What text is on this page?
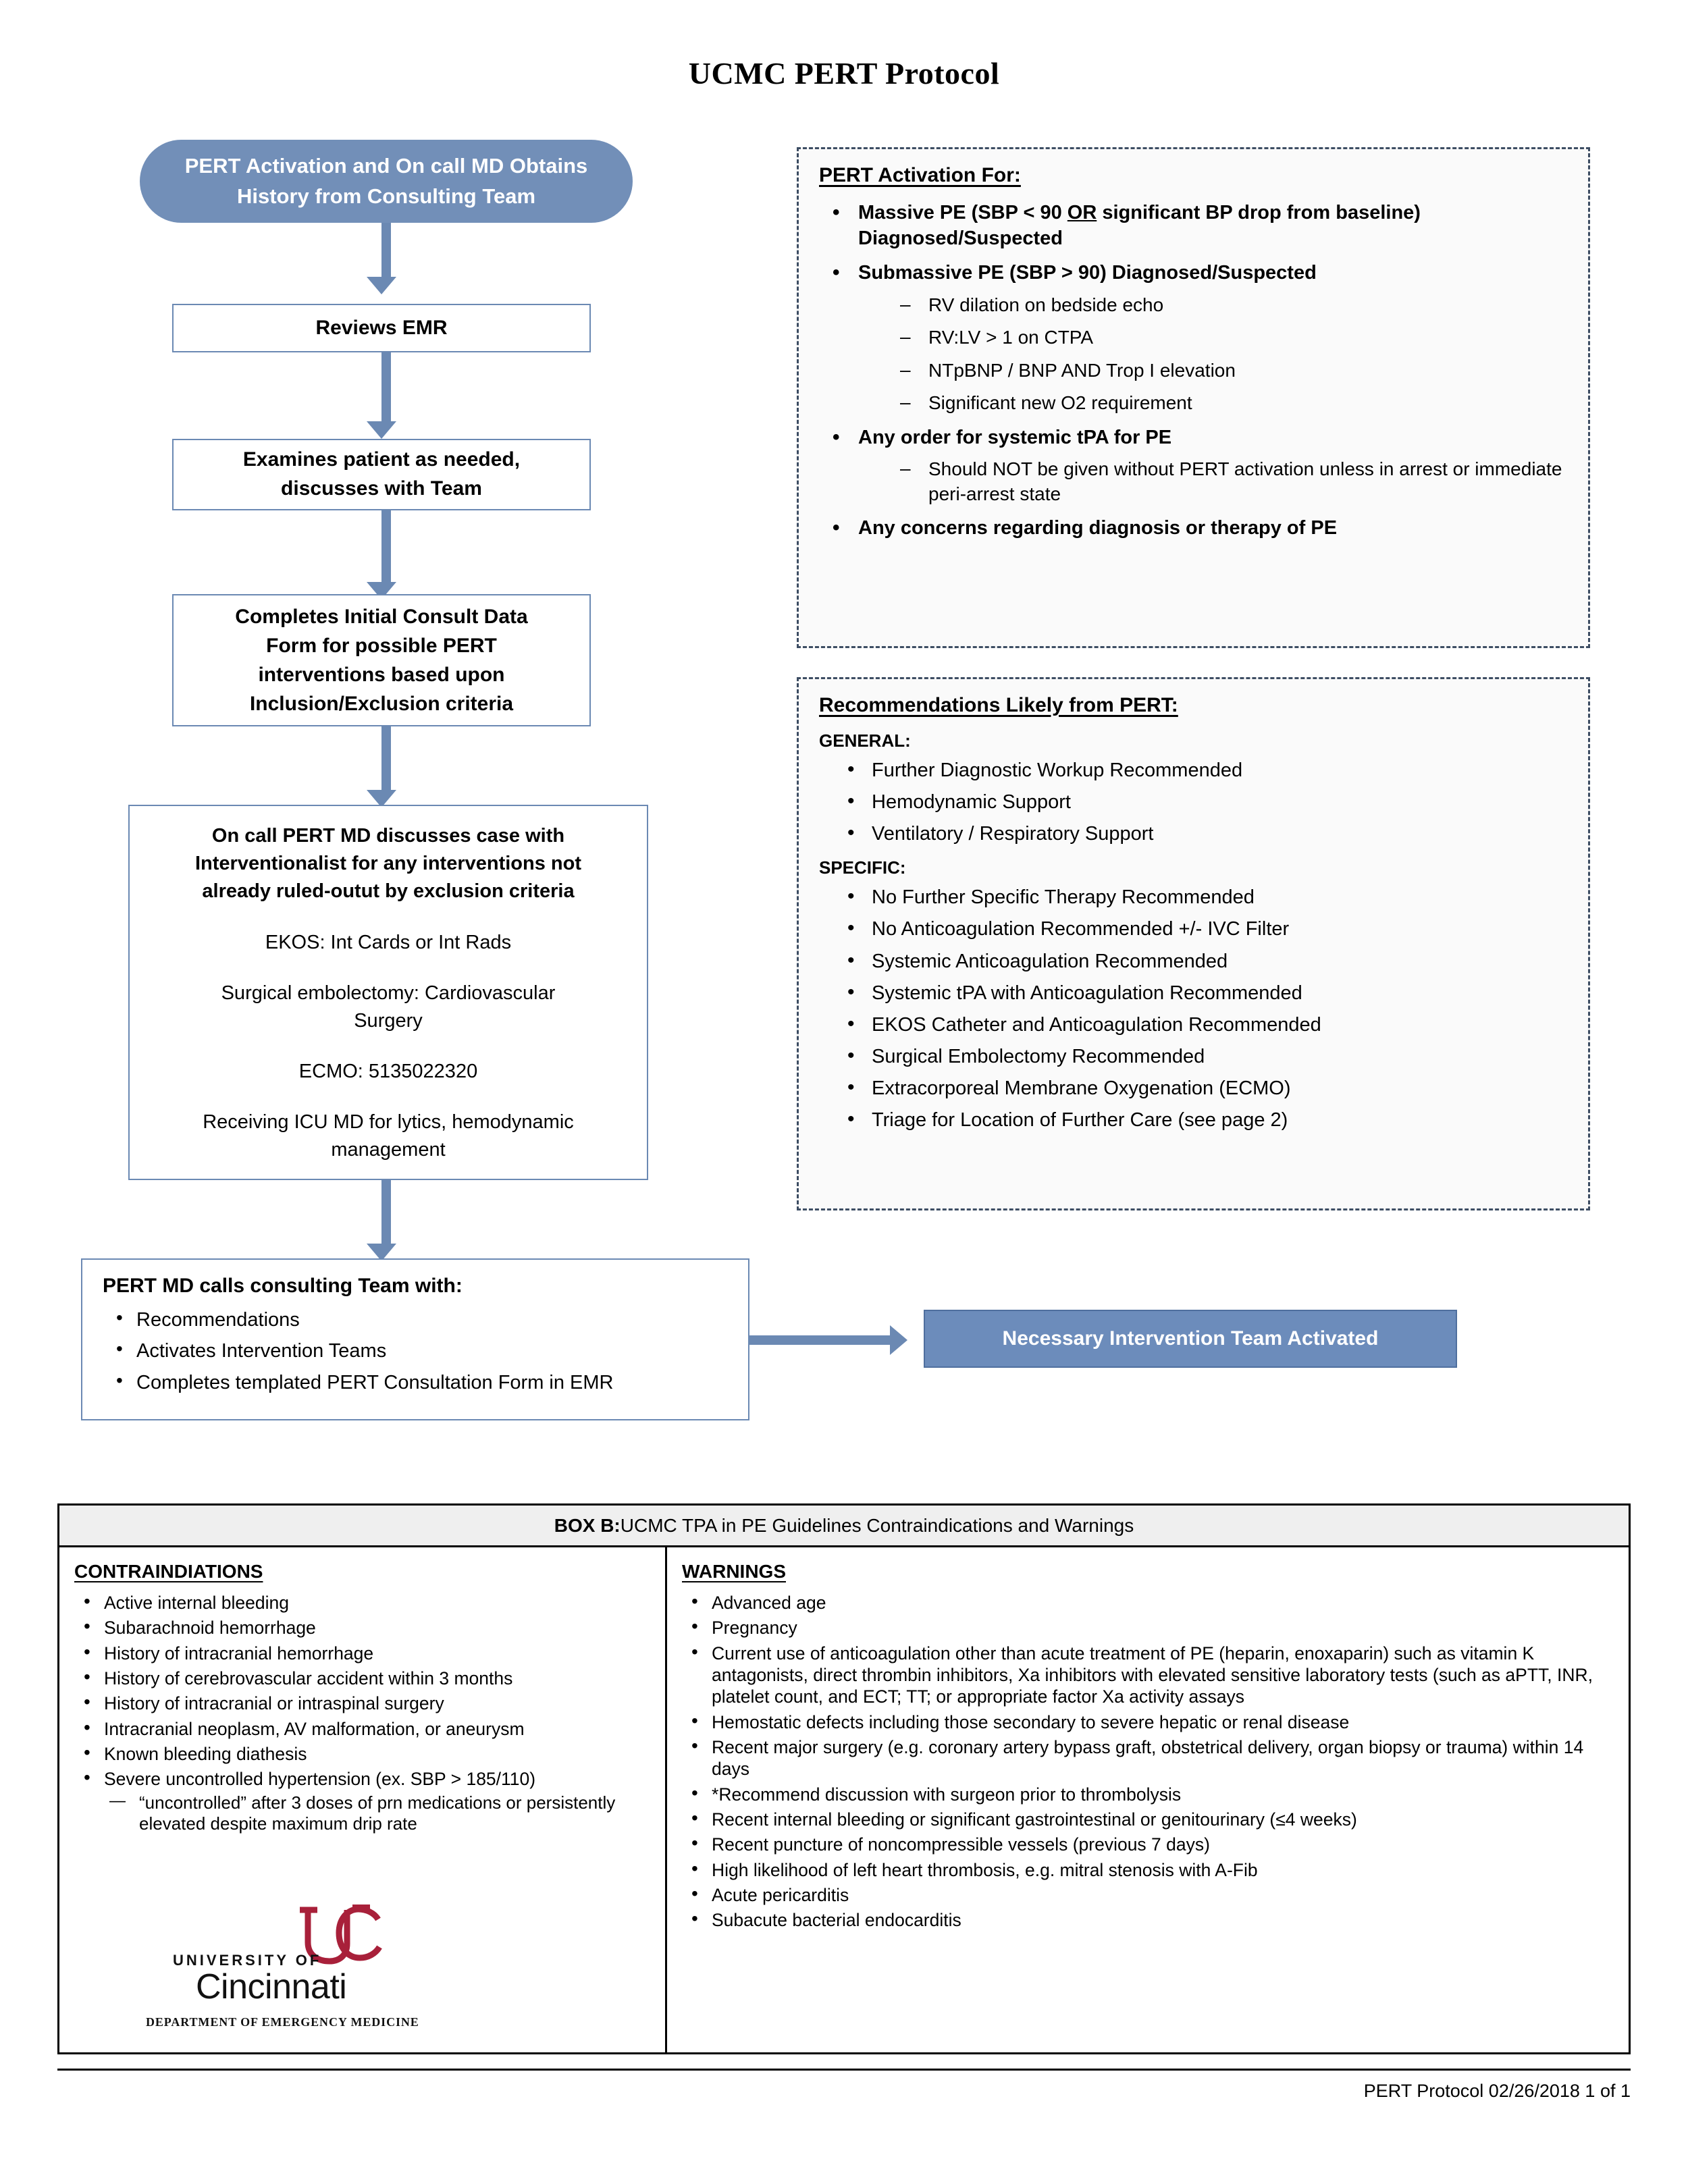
UCMC PERT Protocol
PERT Activation and On call MD Obtains
History from Consulting Team
Reviews EMR
Examines patient as needed,
discusses with Team
Completes Initial Consult Data
Form for possible PERT
interventions based upon
Inclusion/Exclusion criteria
On call PERT MD discusses case with
Interventionalist for any interventions not
already ruled-outut by exclusion criteria
EKOS: Int Cards or Int Rads
Surgical embolectomy: Cardiovascular
Surgery
ECMO: 5135022320
Receiving ICU MD for lytics, hemodynamic
management
PERT MD calls consulting Team with:
• Recommendations
• Activates Intervention Teams
• Completes templated PERT Consultation Form in EMR
Necessary Intervention Team Activated
PERT Activation For:
• Massive PE (SBP < 90 OR significant BP drop from baseline) Diagnosed/Suspected
• Submassive PE (SBP > 90) Diagnosed/Suspected
– RV dilation on bedside echo
– RV:LV > 1 on CTPA
– NTpBNP / BNP AND Trop I elevation
– Significant new O2 requirement
• Any order for systemic tPA for PE
– Should NOT be given without PERT activation unless in arrest or immediate peri-arrest state
• Any concerns regarding diagnosis or therapy of PE
Recommendations Likely from PERT:
GENERAL:
• Further Diagnostic Workup Recommended
• Hemodynamic Support
• Ventilatory / Respiratory Support
SPECIFIC:
• No Further Specific Therapy Recommended
• No Anticoagulation Recommended +/- IVC Filter
• Systemic Anticoagulation Recommended
• Systemic tPA with Anticoagulation Recommended
• EKOS Catheter and Anticoagulation Recommended
• Surgical Embolectomy Recommended
• Extracorporeal Membrane Oxygenation (ECMO)
• Triage for Location of Further Care (see page 2)
BOX B: UCMC TPA in PE Guidelines Contraindications and Warnings
CONTRAINDIATIONS
• Active internal bleeding
• Subarachnoid hemorrhage
• History of intracranial hemorrhage
• History of cerebrovascular accident within 3 months
• History of intracranial or intraspinal surgery
• Intracranial neoplasm, AV malformation, or aneurysm
• Known bleeding diathesis
• Severe uncontrolled hypertension (ex. SBP > 185/110)
— “uncontrolled” after 3 doses of prn medications or persistently elevated despite maximum drip rate
UNIVERSITY OF
Cincinnati
DEPARTMENT OF EMERGENCY MEDICINE
WARNINGS
• Advanced age
• Pregnancy
• Current use of anticoagulation other than acute treatment of PE (heparin, enoxaparin) such as vitamin K antagonists, direct thrombin inhibitors, Xa inhibitors with elevated sensitive laboratory tests (such as aPTT, INR, platelet count, and ECT; TT; or appropriate factor Xa activity assays
• Hemostatic defects including those secondary to severe hepatic or renal disease
• Recent major surgery (e.g. coronary artery bypass graft, obstetrical delivery, organ biopsy or trauma) within 14 days
• *Recommend discussion with surgeon prior to thrombolysis
• Recent internal bleeding or significant gastrointestinal or genitourinary (≤4 weeks)
• Recent puncture of noncompressible vessels (previous 7 days)
• High likelihood of left heart thrombosis, e.g. mitral stenosis with A-Fib
• Acute pericarditis
• Subacute bacterial endocarditis
PERT Protocol 02/26/2018 1 of 1
